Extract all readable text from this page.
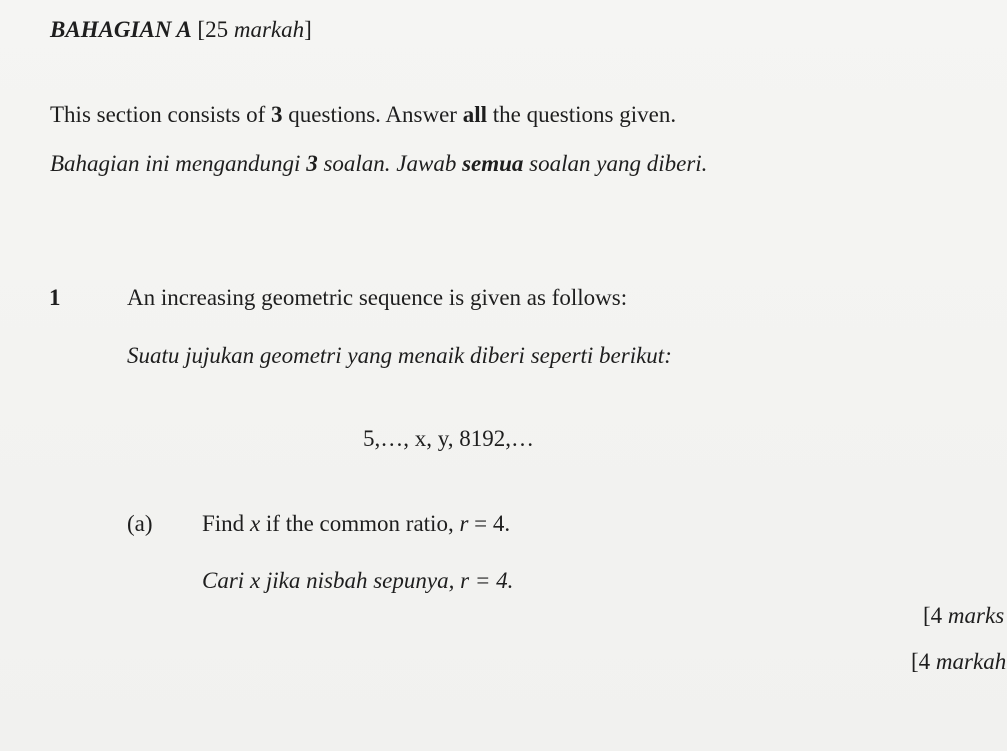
BAHAGIAN A [25 markah]
This section consists of 3 questions. Answer all the questions given.
Bahagian ini mengandungi 3 soalan. Jawab semua soalan yang diberi.
1	An increasing geometric sequence is given as follows:
Suatu jujukan geometri yang menaik diberi seperti berikut:
5,…, x, y, 8192,…
(a) Find x if the common ratio, r = 4.
Cari x jika nisbah sepunya, r = 4.
[4 marks
[4 markah
